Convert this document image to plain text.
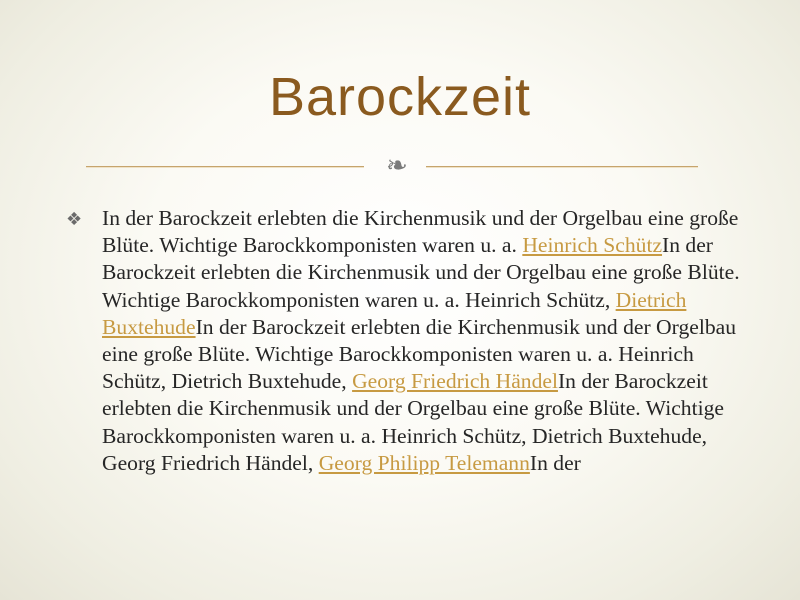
Barockzeit
❧
❖ In der Barockzeit erlebten die Kirchenmusik und der Orgelbau eine große Blüte. Wichtige Barockkomponisten waren u. a. Heinrich SchützIn der Barockzeit erlebten die Kirchenmusik und der Orgelbau eine große Blüte. Wichtige Barockkomponisten waren u. a. Heinrich Schütz, Dietrich BuxtehudeIn der Barockzeit erlebten die Kirchenmusik und der Orgelbau eine große Blüte. Wichtige Barockkomponisten waren u. a. Heinrich Schütz, Dietrich Buxtehude, Georg Friedrich HändelIn der Barockzeit erlebten die Kirchenmusik und der Orgelbau eine große Blüte. Wichtige Barockkomponisten waren u. a. Heinrich Schütz, Dietrich Buxtehude, Georg Friedrich Händel, Georg Philipp TelemannIn der
